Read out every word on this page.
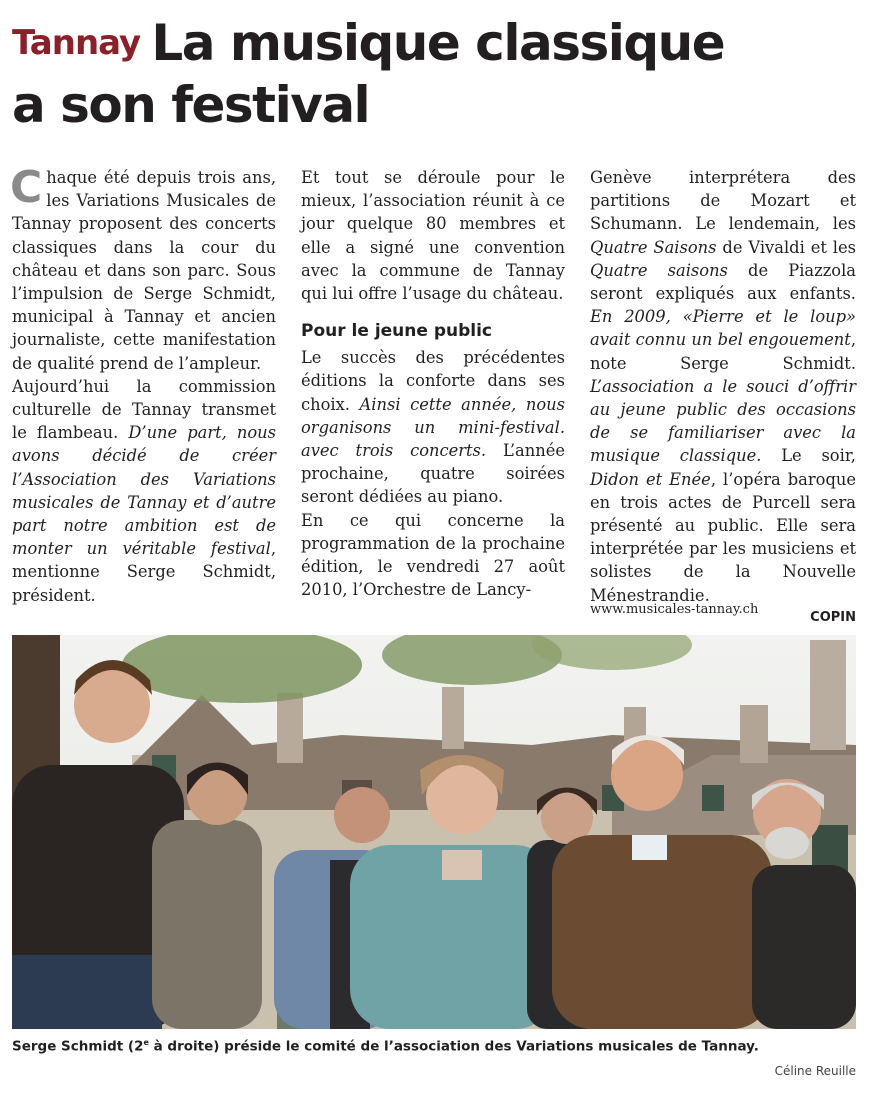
Tannay La musique classique
a son festival

Chaque été depuis trois ans, les Variations Musicales de Tannay proposent des concerts classiques dans la cour du château et dans son parc. Sous l’impulsion de Serge Schmidt, municipal à Tannay et ancien journaliste, cette manifestation de qualité prend de l’ampleur.

Aujourd’hui la commission culturelle de Tannay transmet le flambeau. D’une part, nous avons décidé de créer l’Association des Variations musicales de Tannay et d’autre part notre ambition est de monter un véritable festival, mentionne Serge Schmidt, président.

Et tout se déroule pour le mieux, l’association réunit à ce jour quelque 80 membres et elle a signé une convention avec la commune de Tannay qui lui offre l’usage du château.

Pour le jeune public

Le succès des précédentes éditions la conforte dans ses choix. Ainsi cette année, nous organisons un mini-festival. avec trois concerts. L’année prochaine, quatre soirées seront dédiées au piano.

En ce qui concerne la programmation de la prochaine édition, le vendredi 27 août 2010, l’Orchestre de Lancy-

Genève interprétera des partitions de Mozart et Schumann. Le lendemain, les Quatre Saisons de Vivaldi et les Quatre saisons de Piazzola seront expliqués aux enfants. En 2009, «Pierre et le loup» avait connu un bel engouement, note Serge Schmidt. L’association a le souci d’offrir au jeune public des occasions de se familiariser avec la musique classique. Le soir, Didon et Enée, l’opéra baroque en trois actes de Purcell sera présenté au public. Elle sera interprétée par les musiciens et solistes de la Nouvelle Ménestrandie.

COPIN

www.musicales-tannay.ch
Serge Schmidt (2e à droite) préside le comité de l’association des Variations musicales de Tannay.
Céline Reuille
